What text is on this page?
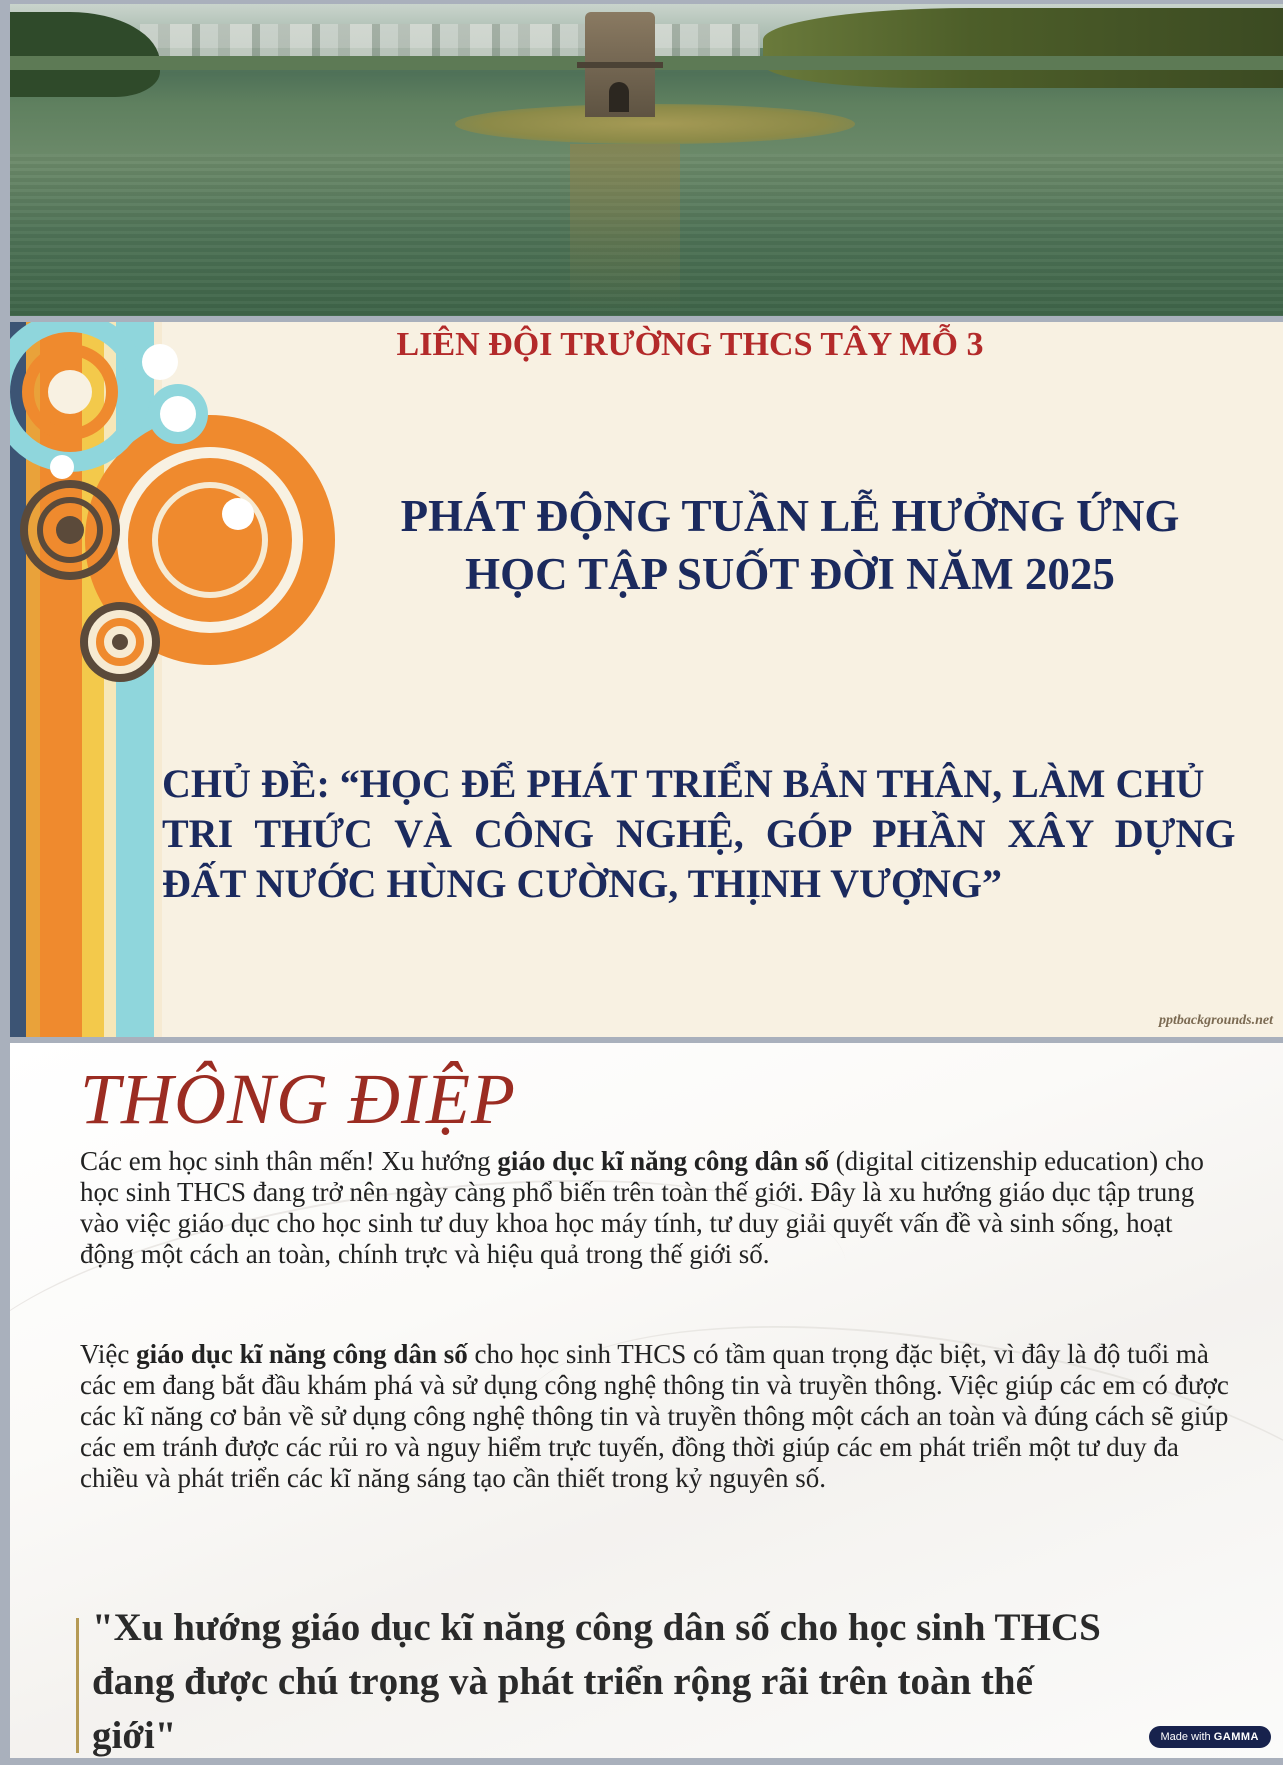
LIÊN ĐỘI TRƯỜNG THCS TÂY MỖ 3

PHÁT ĐỘNG TUẦN LỄ HƯỞNG ỨNG
HỌC TẬP SUỐT ĐỜI NĂM 2025

CHỦ ĐỀ: “HỌC ĐỂ PHÁT TRIỂN BẢN THÂN, LÀM CHỦ
TRI THỨC VÀ CÔNG NGHỆ, GÓP PHẦN XÂY DỰNG
ĐẤT NƯỚC HÙNG CƯỜNG, THỊNH VƯỢNG”

pptbackgrounds.net
THÔNG ĐIỆP

Các em học sinh thân mến! Xu hướng giáo dục kĩ năng công dân số (digital citizenship education) cho học sinh THCS đang trở nên ngày càng phổ biến trên toàn thế giới. Đây là xu hướng giáo dục tập trung vào việc giáo dục cho học sinh tư duy khoa học máy tính, tư duy giải quyết vấn đề và sinh sống, hoạt động một cách an toàn, chính trực và hiệu quả trong thế giới số.

Việc giáo dục kĩ năng công dân số cho học sinh THCS có tầm quan trọng đặc biệt, vì đây là độ tuổi mà các em đang bắt đầu khám phá và sử dụng công nghệ thông tin và truyền thông. Việc giúp các em có được các kĩ năng cơ bản về sử dụng công nghệ thông tin và truyền thông một cách an toàn và đúng cách sẽ giúp các em tránh được các rủi ro và nguy hiểm trực tuyến, đồng thời giúp các em phát triển một tư duy đa chiều và phát triển các kĩ năng sáng tạo cần thiết trong kỷ nguyên số.

"Xu hướng giáo dục kĩ năng công dân số cho học sinh THCS đang được chú trọng và phát triển rộng rãi trên toàn thế giới"	Made with GAMMA
